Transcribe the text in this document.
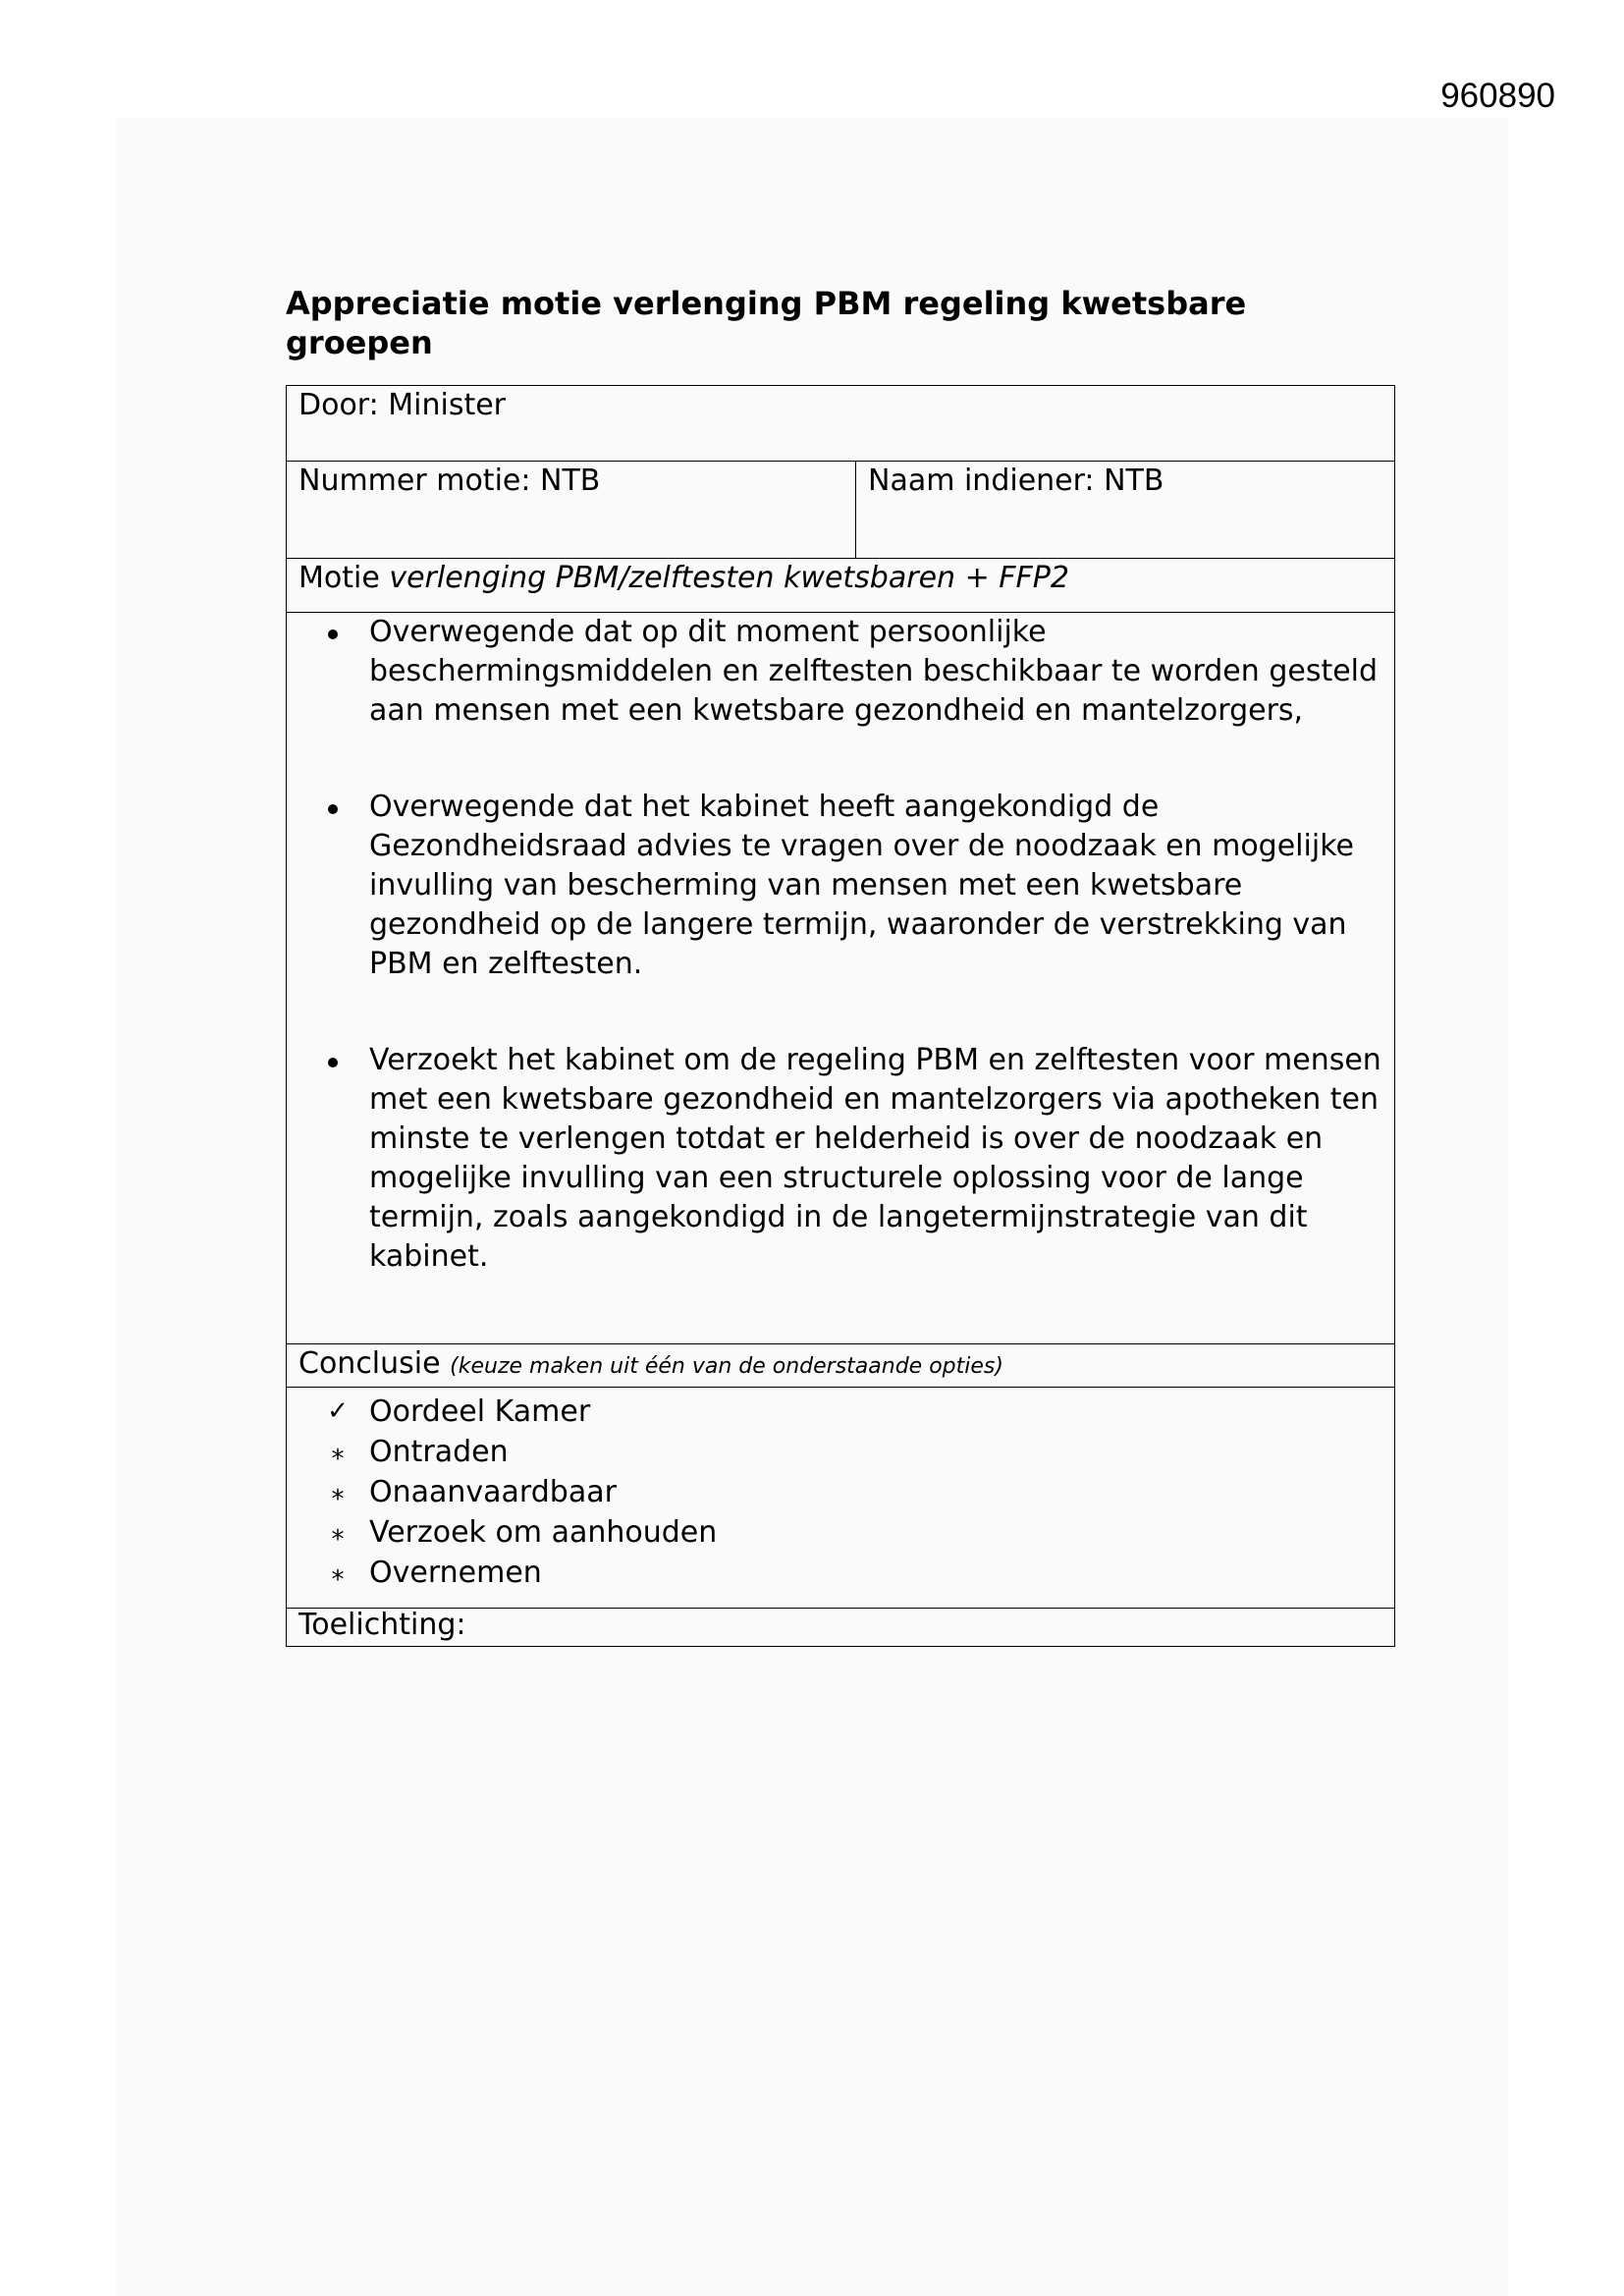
960890
Appreciatie motie verlenging PBM regeling kwetsbare groepen
Door: Minister
Nummer motie: NTB	Naam indiener: NTB
Motie verlenging PBM/zelftesten kwetsbaren + FFP2

Overwegende dat op dit moment persoonlijke beschermingsmiddelen en zelftesten beschikbaar te worden gesteld aan mensen met een kwetsbare gezondheid en mantelzorgers,
Overwegende dat het kabinet heeft aangekondigd de Gezondheidsraad advies te vragen over de noodzaak en mogelijke invulling van bescherming van mensen met een kwetsbare gezondheid op de langere termijn, waaronder de verstrekking van PBM en zelftesten.
Verzoekt het kabinet om de regeling PBM en zelftesten voor mensen met een kwetsbare gezondheid en mantelzorgers via apotheken ten minste te verlengen totdat er helderheid is over de noodzaak en mogelijke invulling van een structurele oplossing voor de lange termijn, zoals aangekondigd in de langetermijnstrategie van dit kabinet.

Conclusie (keuze maken uit één van de onderstaande opties)

✓ Oordeel Kamer
⁎ Ontraden
⁎ Onaanvaardbaar
⁎ Verzoek om aanhouden
⁎ Overnemen

Toelichting:
